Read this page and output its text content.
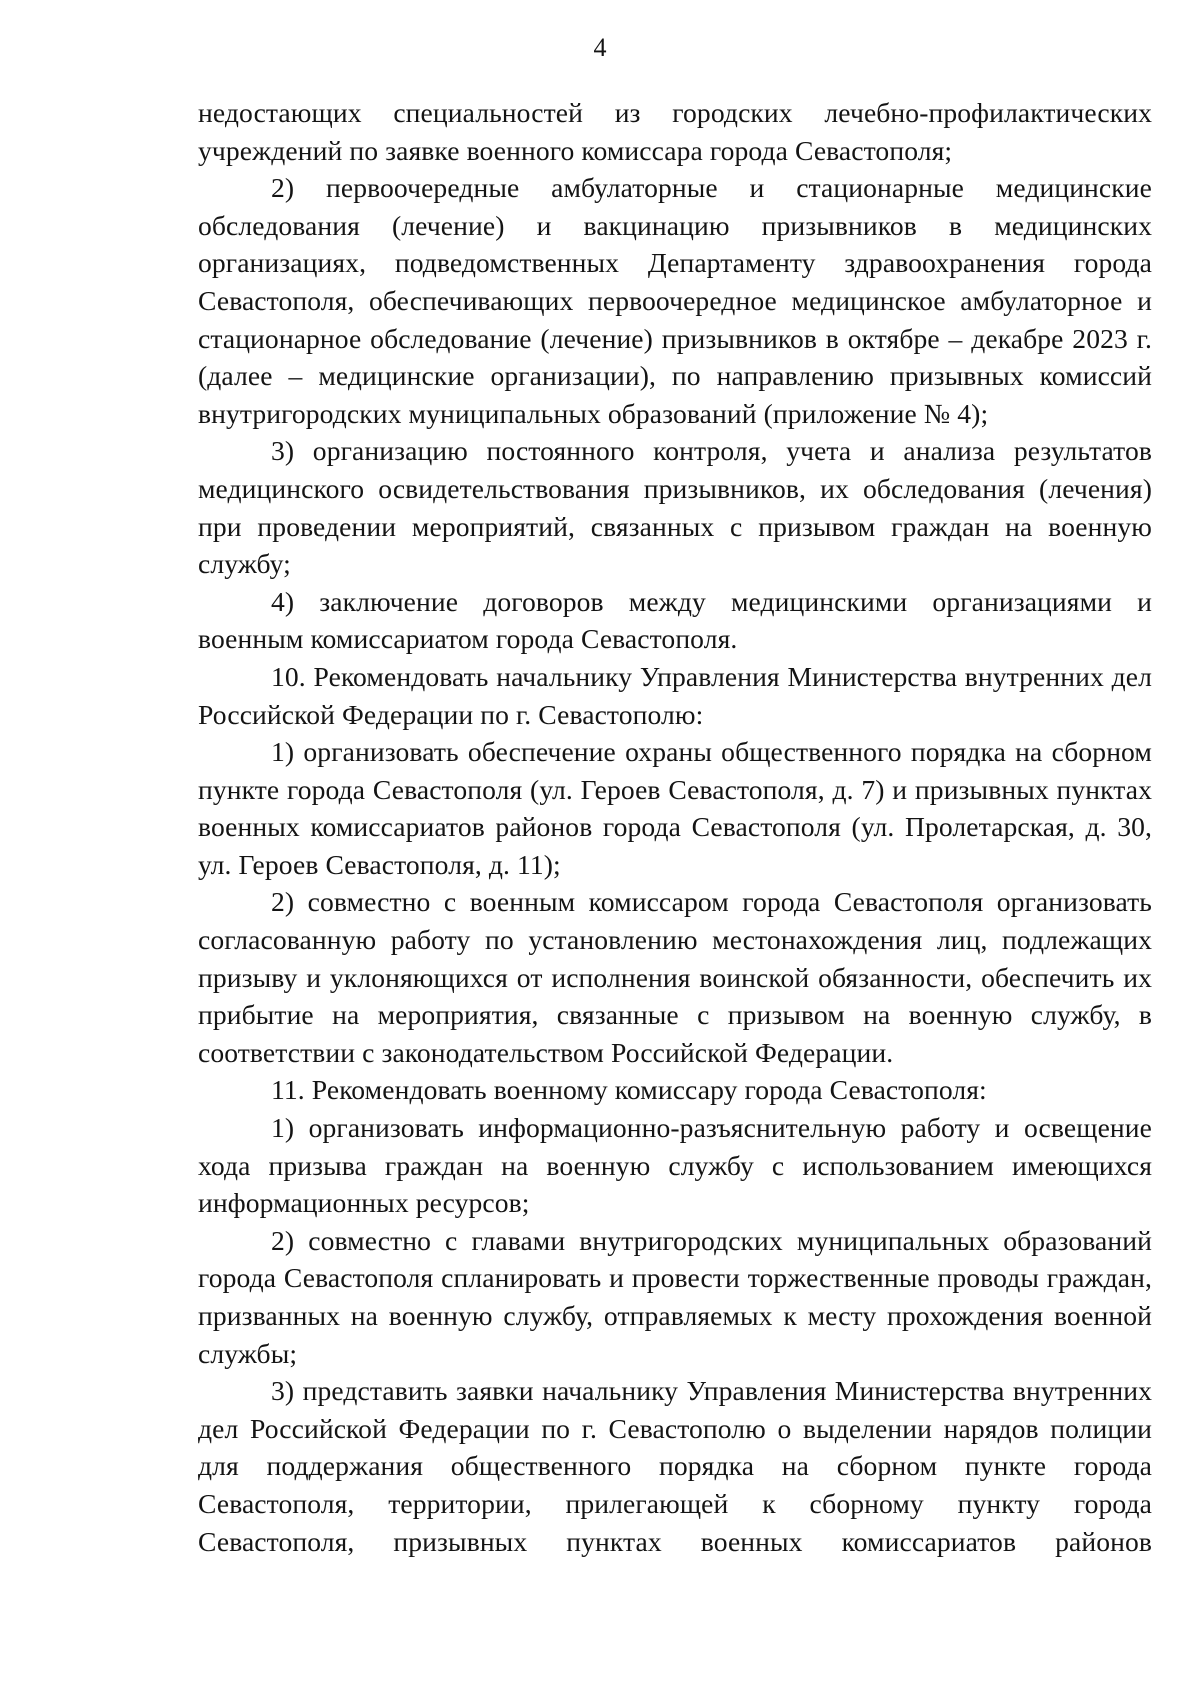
4

недостающих специальностей из городских лечебно-профилактических учреждений по заявке военного комиссара города Севастополя;

2) первоочередные амбулаторные и стационарные медицинские обследования (лечение) и вакцинацию призывников в медицинских организациях, подведомственных Департаменту здравоохранения города Севастополя, обеспечивающих первоочередное медицинское амбулаторное и стационарное обследование (лечение) призывников в октябре – декабре 2023 г. (далее – медицинские организации), по направлению призывных комиссий внутригородских муниципальных образований (приложение № 4);

3) организацию постоянного контроля, учета и анализа результатов медицинского освидетельствования призывников, их обследования (лечения) при проведении мероприятий, связанных с призывом граждан на военную службу;

4) заключение договоров между медицинскими организациями и военным комиссариатом города Севастополя.

10. Рекомендовать начальнику Управления Министерства внутренних дел Российской Федерации по г. Севастополю:

1) организовать обеспечение охраны общественного порядка на сборном пункте города Севастополя (ул. Героев Севастополя, д. 7) и призывных пунктах военных комиссариатов районов города Севастополя (ул. Пролетарская, д. 30, ул. Героев Севастополя, д. 11);

2) совместно с военным комиссаром города Севастополя организовать согласованную работу по установлению местонахождения лиц, подлежащих призыву и уклоняющихся от исполнения воинской обязанности, обеспечить их прибытие на мероприятия, связанные с призывом на военную службу, в соответствии с законодательством Российской Федерации.

11. Рекомендовать военному комиссару города Севастополя:

1) организовать информационно-разъяснительную работу и освещение хода призыва граждан на военную службу с использованием имеющихся информационных ресурсов;

2) совместно с главами внутригородских муниципальных образований города Севастополя спланировать и провести торжественные проводы граждан, призванных на военную службу, отправляемых к месту прохождения военной службы;

3) представить заявки начальнику Управления Министерства внутренних дел Российской Федерации по г. Севастополю о выделении нарядов полиции для поддержания общественного порядка на сборном пункте города Севастополя, территории, прилегающей к сборному пункту города Севастополя, призывных пунктах военных комиссариатов районов
